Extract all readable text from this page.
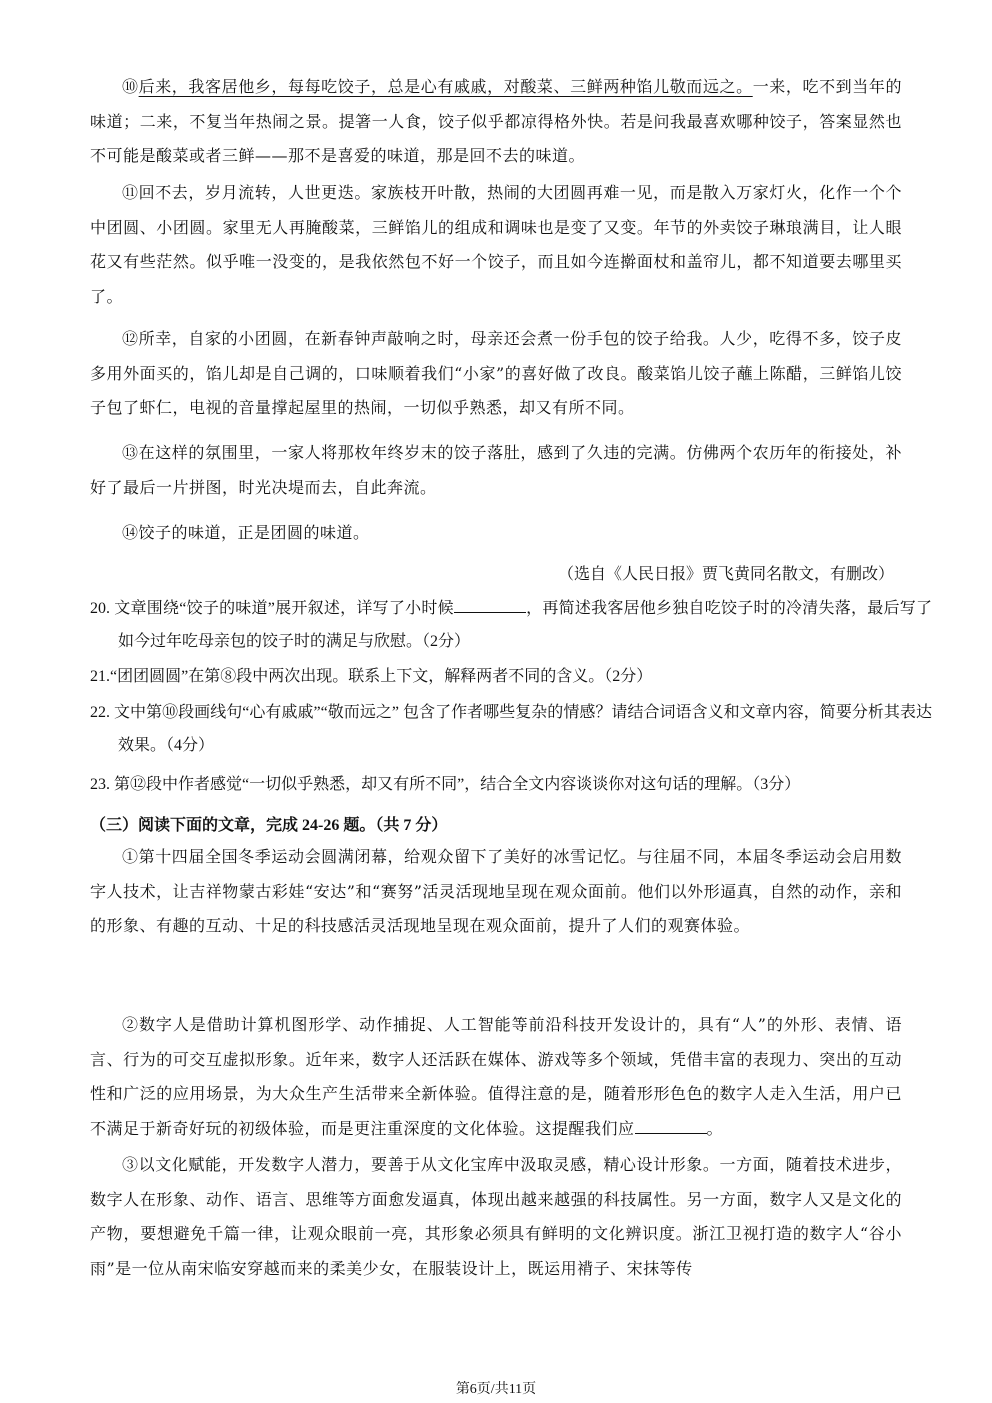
⑩后来，我客居他乡，每每吃饺子，总是心有戚戚，对酸菜、三鲜两种馅儿敬而远之。一来，吃不到当年的味道；二来，不复当年热闹之景。提箸一人食，饺子似乎都凉得格外快。若是问我最喜欢哪种饺子，答案显然也不可能是酸菜或者三鲜——那不是喜爱的味道，那是回不去的味道。

⑪回不去，岁月流转，人世更迭。家族枝开叶散，热闹的大团圆再难一见，而是散入万家灯火，化作一个个中团圆、小团圆。家里无人再腌酸菜，三鲜馅儿的组成和调味也是变了又变。年节的外卖饺子琳琅满目，让人眼花又有些茫然。似乎唯一没变的，是我依然包不好一个饺子，而且如今连擀面杖和盖帘儿，都不知道要去哪里买了。

⑫所幸，自家的小团圆，在新春钟声敲响之时，母亲还会煮一份手包的饺子给我。人少，吃得不多，饺子皮多用外面买的，馅儿却是自己调的，口味顺着我们“小家”的喜好做了改良。酸菜馅儿饺子蘸上陈醋，三鲜馅儿饺子包了虾仁，电视的音量撑起屋里的热闹，一切似乎熟悉，却又有所不同。

⑬在这样的氛围里，一家人将那枚年终岁末的饺子落肚，感到了久违的完满。仿佛两个农历年的衔接处，补好了最后一片拼图，时光决堤而去，自此奔流。

⑭饺子的味道，正是团圆的味道。

（选自《人民日报》贾飞黄同名散文，有删改）

20. 文章围绕“饺子的味道”展开叙述，详写了小时候	，再简述我客居他乡独自吃饺子时的冷清失落，最后写了如今过年吃母亲包的饺子时的满足与欣慰。（2分）

21.“团团圆圆”在第⑧段中两次出现。联系上下文，解释两者不同的含义。（2分）

22. 文中第⑩段画线句“心有戚戚”“敬而远之” 包含了作者哪些复杂的情感？请结合词语含义和文章内容，简要分析其表达效果。（4分）

23. 第⑫段中作者感觉“一切似乎熟悉，却又有所不同”，结合全文内容谈谈你对这句话的理解。（3分）

（三）阅读下面的文章，完成 24-26 题。（共 7 分）

①第十四届全国冬季运动会圆满闭幕，给观众留下了美好的冰雪记忆。与往届不同，本届冬季运动会启用数字人技术，让吉祥物蒙古彩娃“安达”和“赛努”活灵活现地呈现在观众面前。他们以外形逼真，自然的动作，亲和的形象、有趣的互动、十足的科技感活灵活现地呈现在观众面前，提升了人们的观赛体验。

②数字人是借助计算机图形学、动作捕捉、人工智能等前沿科技开发设计的，具有“人”的外形、表情、语言、行为的可交互虚拟形象。近年来，数字人还活跃在媒体、游戏等多个领域，凭借丰富的表现力、突出的互动性和广泛的应用场景，为大众生产生活带来全新体验。值得注意的是，随着形形色色的数字人走入生活，用户已不满足于新奇好玩的初级体验，而是更注重深度的文化体验。这提醒我们应	。

③以文化赋能，开发数字人潜力，要善于从文化宝库中汲取灵感，精心设计形象。一方面，随着技术进步，数字人在形象、动作、语言、思维等方面愈发逼真，体现出越来越强的科技属性。另一方面，数字人又是文化的产物，要想避免千篇一律，让观众眼前一亮，其形象必须具有鲜明的文化辨识度。浙江卫视打造的数字人“谷小雨”是一位从南宋临安穿越而来的柔美少女，在服装设计上，既运用褙子、宋抹等传

第6页/共11页
